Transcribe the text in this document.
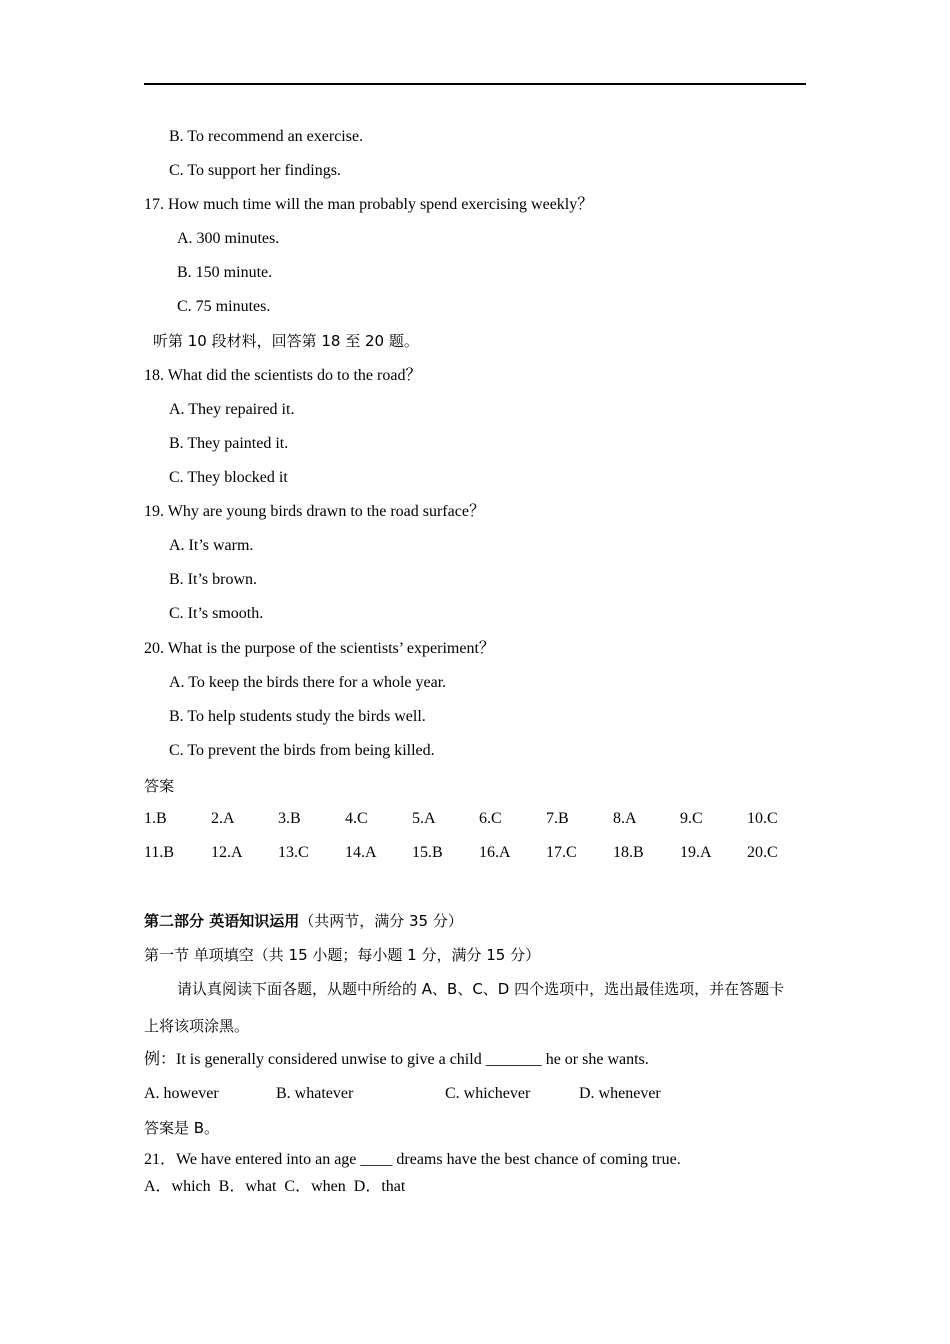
B. To recommend an exercise.
C. To support her findings.
17. How much time will the man probably spend exercising weekly？
A. 300 minutes.
B. 150 minute.
C. 75 minutes.
听第 10 段材料，回答第 18 至 20 题。
18. What did the scientists do to the road？
A. They repaired it.
B. They painted it.
C. They blocked it
19. Why are young birds drawn to the road surface？
A. It’s warm.
B. It’s brown.
C. It’s smooth.
20. What is the purpose of the scientists’ experiment？
A. To keep the birds there for a whole year.
B. To help students study the birds well.
C. To prevent the birds from being killed.
答案
1.B	2.A	3.B	4.C	5.A	6.C	7.B	8.A	9.C	10.C
11.B 12.A 13.C 14.A 15.B 16.A 17.C 18.B 19.A 20.C
第二部分 英语知识运用（共两节，满分 35 分）
第一节 单项填空（共 15 小题；每小题 1 分，满分 15 分）
请认真阅读下面各题，从题中所给的 A、B、C、D 四个选项中，选出最佳选项，并在答题卡
上将该项涂黑。
例：It is generally considered unwise to give a child _______ he or she wants.
A. however	B. whatever	C. whichever	D. whenever
答案是 B。
21．We have entered into an age ____ dreams have the best chance of coming true.
A．which  B．what  C．when  D．that
